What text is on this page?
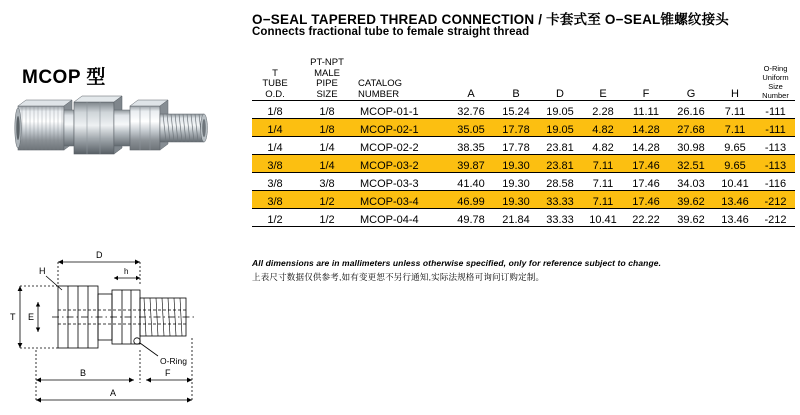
MCOP 型
D
h
H
T E
O-Ring
B	F
A
O−SEAL TAPERED THREAD CONNECTION / 卡套式至 O−SEAL锥螺纹接头
Connects fractional tube to female straight thread
T
TUBE
O.D.

PT-NPT
MALE
PIPE
SIZE

CATALOG
NUMBER	A	B	D	E	F	G	H	
O-Ring
Uniform
Size Number

1/8	1/8	MCOP-01-1	32.76	15.24	19.05	2.28	11.11	26.16	7.11	-111
1/4	1/8	MCOP-02-1	35.05	17.78	19.05	4.82	14.28	27.68	7.11	-111
1/4	1/4	MCOP-02-2	38.35	17.78	23.81	4.82	14.28	30.98	9.65	-113
3/8	1/4	MCOP-03-2	39.87	19.30	23.81	7.11	17.46	32.51	9.65	-113
3/8	3/8	MCOP-03-3	41.40	19.30	28.58	7.11	17.46	34.03	10.41	-116
3/8	1/2	MCOP-03-4	46.99	19.30	33.33	7.11	17.46	39.62	13.46	-212
1/2	1/2	MCOP-04-4	49.78	21.84	33.33	10.41	22.22	39.62	13.46	-212
All dimensions are in mallimeters unless otherwise specified, only for reference subject to change.
上表尺寸数据仅供参考,如有变更恕不另行通知,实际法规格可询问订购定制。
